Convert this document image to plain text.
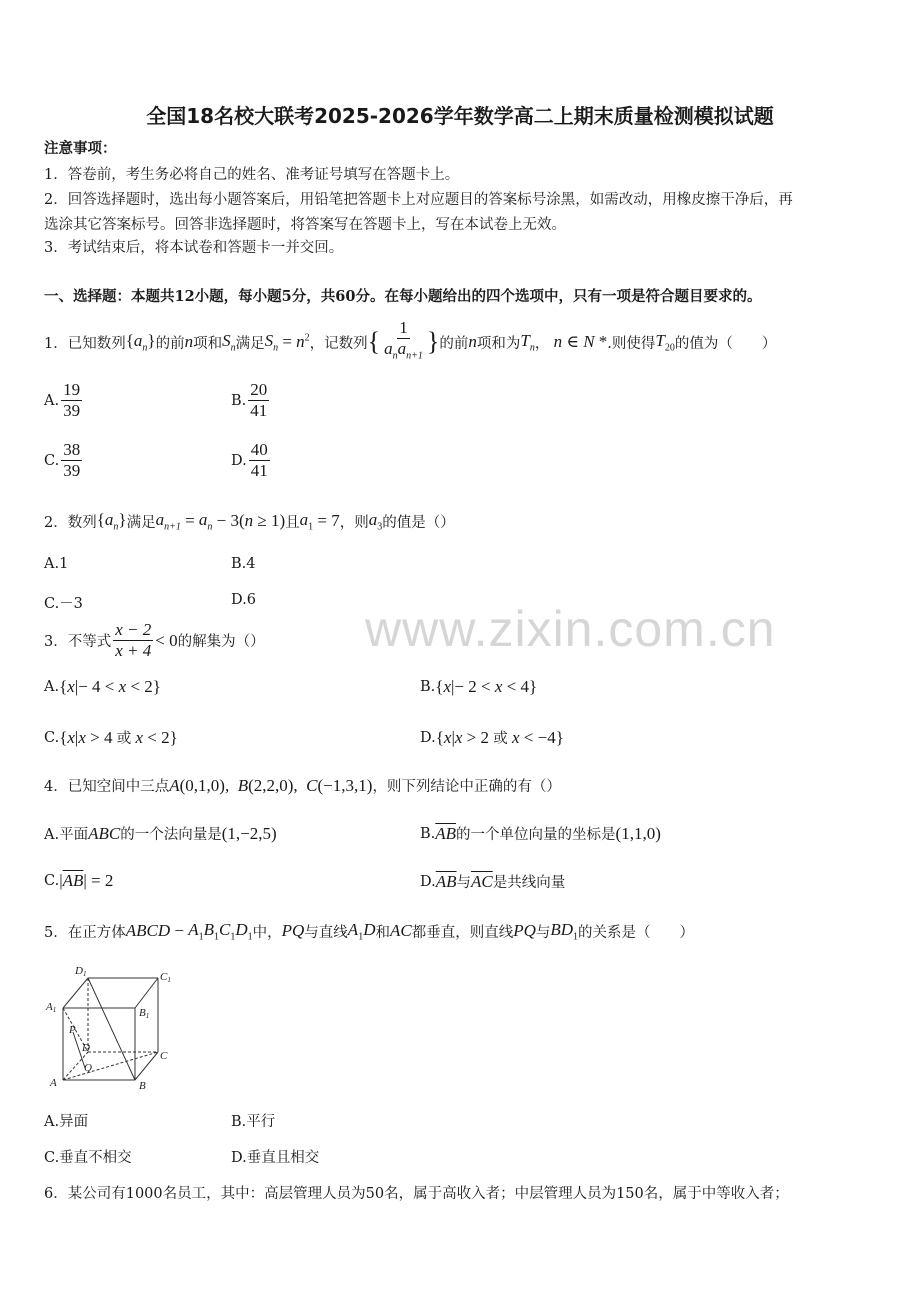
全国18名校大联考2025-2026学年数学高二上期末质量检测模拟试题
注意事项：
1．答卷前，考生务必将自己的姓名、准考证号填写在答题卡上。
2．回答选择题时，选出每小题答案后，用铅笔把答题卡上对应题目的答案标号涂黑，如需改动，用橡皮擦干净后，再
选涂其它答案标号。回答非选择题时，将答案写在答题卡上，写在本试卷上无效。
3．考试结束后，将本试卷和答题卡一并交回。
一、选择题：本题共12小题，每小题5分，共60分。在每小题给出的四个选项中，只有一项是符合题目要求的。
1．已知数列 $\{a_n\}$ 的前 n 项和 $S_n$ 满足 $S_n = n^2$ ，记数列 { $\frac{1}{a_na_{n+1}}$ } 的前 n 项和为 $T_n$ ， n ∈ N * .则使得 $T_{20}$ 的值为（　　）
A. $\frac{19}{39}$	B. $\frac{20}{41}$
C. $\frac{38}{39}$	D. $\frac{40}{41}$
2．数列 $\{a_n\}$ 满足 $a_{n+1} = a_n - 3(n \ge 1)$ 且 $a_1 = 7$ ，则 $a_3$ 的值是（）
A.1	B.4
C.－3	D.6
3．不等式 $\frac{x - 2}{x + 4} < 0$ 的解集为（）
A. {x|− 4 < x < 2}	B. {x|− 2 < x < 4}
C. {x|x > 4 或 x < 2}	D. {x|x > 2 或 x < −4}
4．已知空间中三点 A(0,1,0),  B(2,2,0),  C(−1,3,1) ，则下列结论中正确的有（）
A.平面 ABC 的一个法向量是 (1,−2,5)	B. $\overline{AB}$ 的一个单位向量的坐标是 (1,1,0)
C. $|\overline{AB}| = 2$	D. $\overline{AB}$ 与 $\overline{AC}$ 是共线向量
5．在正方体 ABCD − $A_1B_1C_1D_1$ 中， PQ 与直线 $A_1D$ 和 AC 都垂直，则直线 PQ 与 $BD_1$ 的关系是（　　）
D1	C1
A1	B1
P
D
C
Q
A	B
A.异面	B.平行
C.垂直不相交	D.垂直且相交
6．某公司有1000名员工，其中：高层管理人员为50名，属于高收入者；中层管理人员为150名，属于中等收入者；
www.zixin.com.cn
